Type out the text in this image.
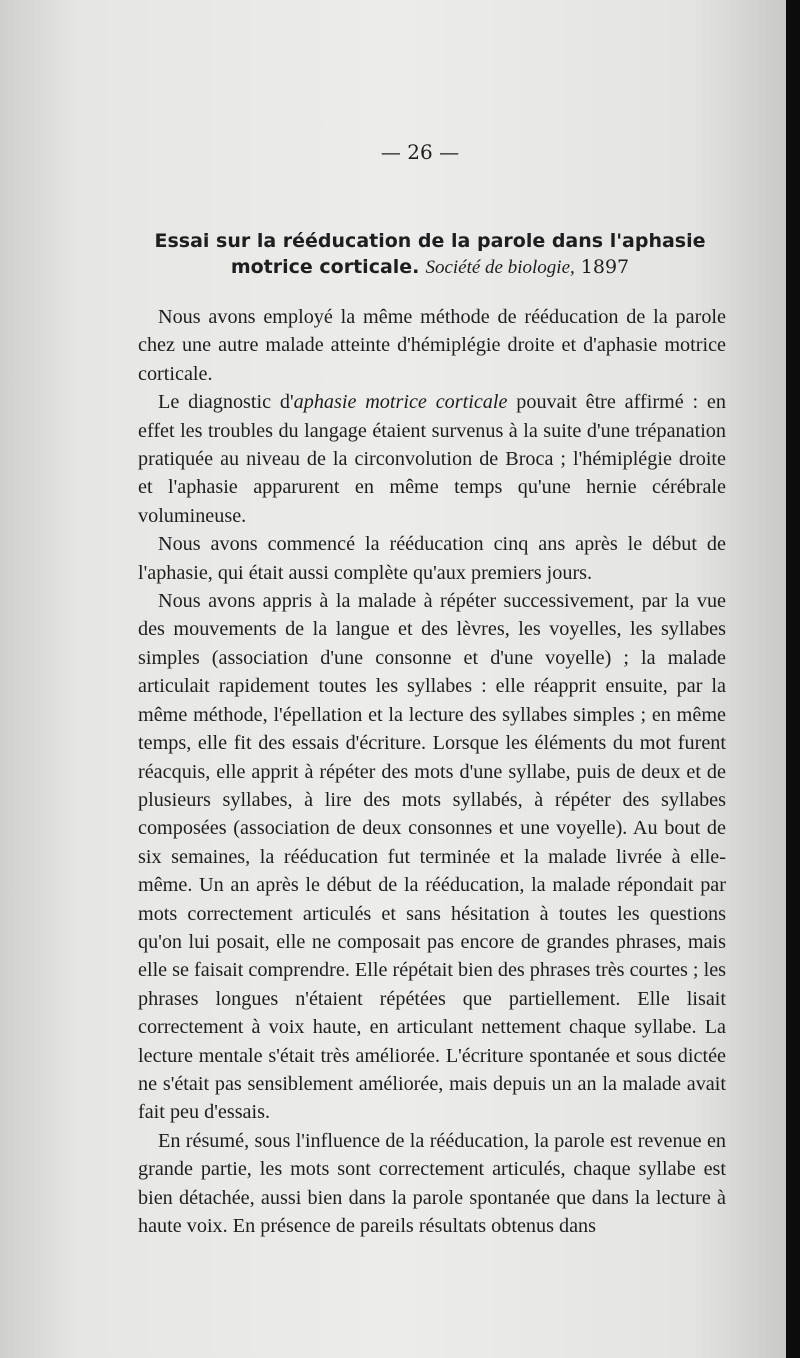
— 26 —
Essai sur la rééducation de la parole dans l'aphasie motrice corticale. Société de biologie, 1897

Nous avons employé la même méthode de rééducation de la parole chez une autre malade atteinte d'hémiplégie droite et d'aphasie motrice corticale.

Le diagnostic d'aphasie motrice corticale pouvait être affirmé : en effet les troubles du langage étaient survenus à la suite d'une trépanation pratiquée au niveau de la circonvolution de Broca ; l'hémiplégie droite et l'aphasie apparurent en même temps qu'une hernie cérébrale volumineuse.

Nous avons commencé la rééducation cinq ans après le début de l'aphasie, qui était aussi complète qu'aux premiers jours.

Nous avons appris à la malade à répéter successivement, par la vue des mouvements de la langue et des lèvres, les voyelles, les syllabes simples (association d'une consonne et d'une voyelle) ; la malade articulait rapidement toutes les syllabes : elle réapprit ensuite, par la même méthode, l'épellation et la lecture des syllabes simples ; en même temps, elle fit des essais d'écriture. Lorsque les éléments du mot furent réacquis, elle apprit à répéter des mots d'une syllabe, puis de deux et de plusieurs syllabes, à lire des mots syllabés, à répéter des syllabes composées (association de deux consonnes et une voyelle). Au bout de six semaines, la rééducation fut terminée et la malade livrée à elle-même. Un an après le début de la rééducation, la malade répondait par mots correctement articulés et sans hésitation à toutes les questions qu'on lui posait, elle ne composait pas encore de grandes phrases, mais elle se faisait comprendre. Elle répétait bien des phrases très courtes ; les phrases longues n'étaient répétées que partiellement. Elle lisait correctement à voix haute, en articulant nettement chaque syllabe. La lecture mentale s'était très améliorée. L'écriture spontanée et sous dictée ne s'était pas sensiblement améliorée, mais depuis un an la malade avait fait peu d'essais.

En résumé, sous l'influence de la rééducation, la parole est revenue en grande partie, les mots sont correctement articulés, chaque syllabe est bien détachée, aussi bien dans la parole spontanée que dans la lecture à haute voix. En présence de pareils résultats obtenus dans
